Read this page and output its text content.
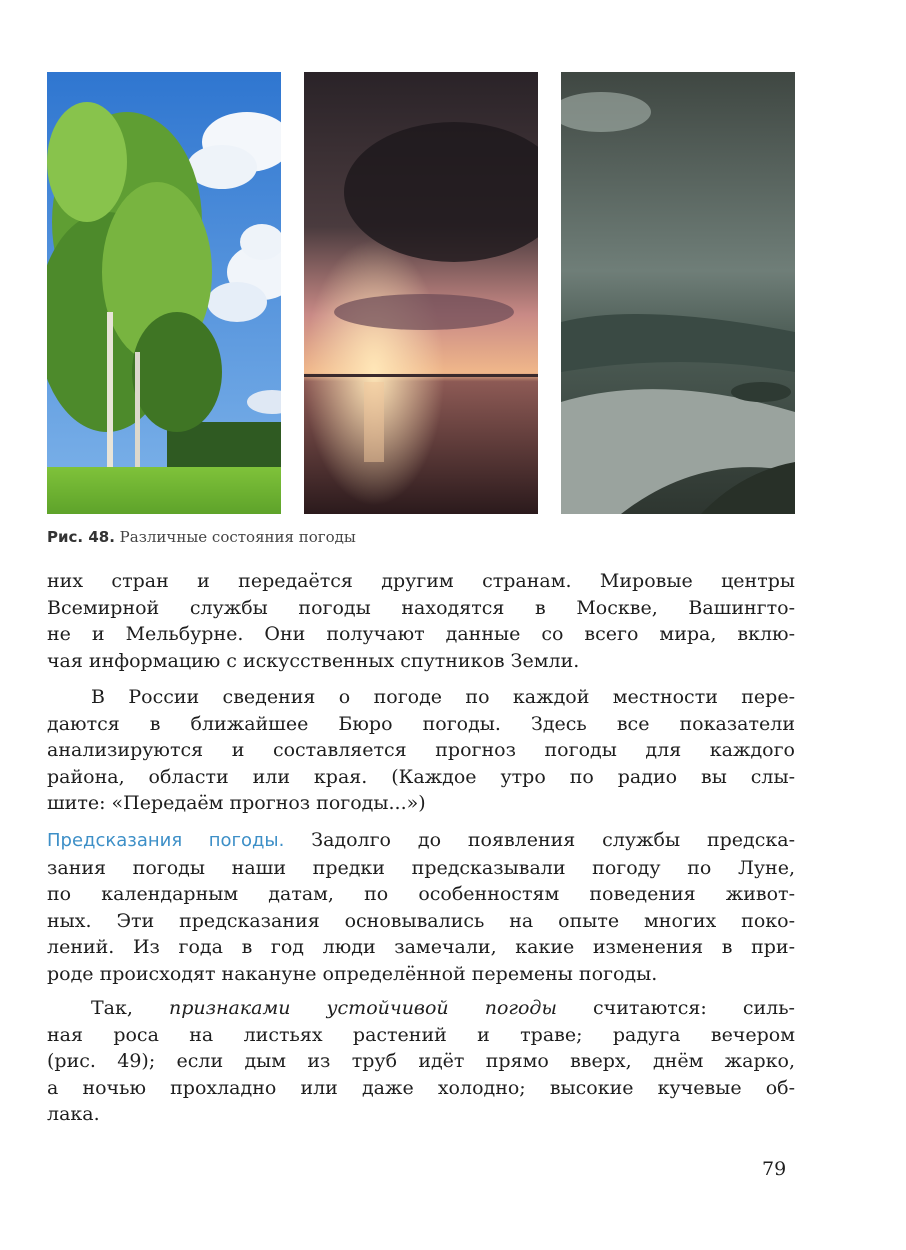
Рис. 48. Различные состояния погоды
них стран и передаётся другим странам. Мировые центры
Всемирной службы погоды находятся в Москве, Вашингто-
не и Мельбурне. Они получают данные со всего мира, вклю-
чая информацию с искусственных спутников Земли.
В России сведения о погоде по каждой местности пере-
даются в ближайшее Бюро погоды. Здесь все показатели
анализируются и составляется прогноз погоды для каждого
района, области или края. (Каждое утро по радио вы слы-
шите: «Передаём прогноз погоды...»)
Предсказания погоды. Задолго до появления службы предска-
зания погоды наши предки предсказывали погоду по Луне,
по календарным датам, по особенностям поведения живот-
ных. Эти предсказания основывались на опыте многих поко-
лений. Из года в год люди замечали, какие изменения в при-
роде происходят накануне определённой перемены погоды.
Так, признаками устойчивой погоды считаются: силь-
ная роса на листьях растений и траве; радуга вечером
(рис. 49); если дым из труб идёт прямо вверх, днём жарко,
а ночью прохладно или даже холодно; высокие кучевые об-
лака.
79
